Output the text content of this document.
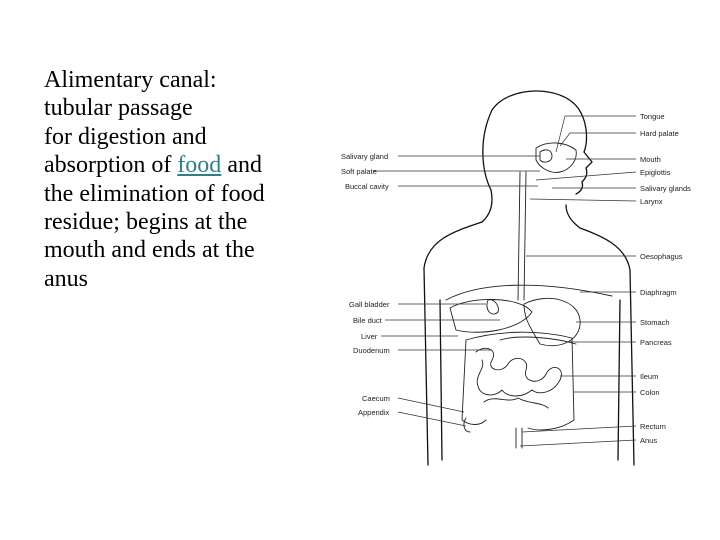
Alimentary canal:
tubular passage
for digestion and
absorption of food and
the elimination of food
residue; begins at the
mouth and ends at the
anus
Tongue
Hard palate
Salivary gland	Mouth
Soft palate	Epiglottis
Buccal cavity	Salivary glands
Larynx
Oesophagus
Diaphragm
Gall bladder
Bile duct	Stomach
Liver
Pancreas
Duodenum
Ileum
Colon
Caecum
Appendix
Rectum
Anus
